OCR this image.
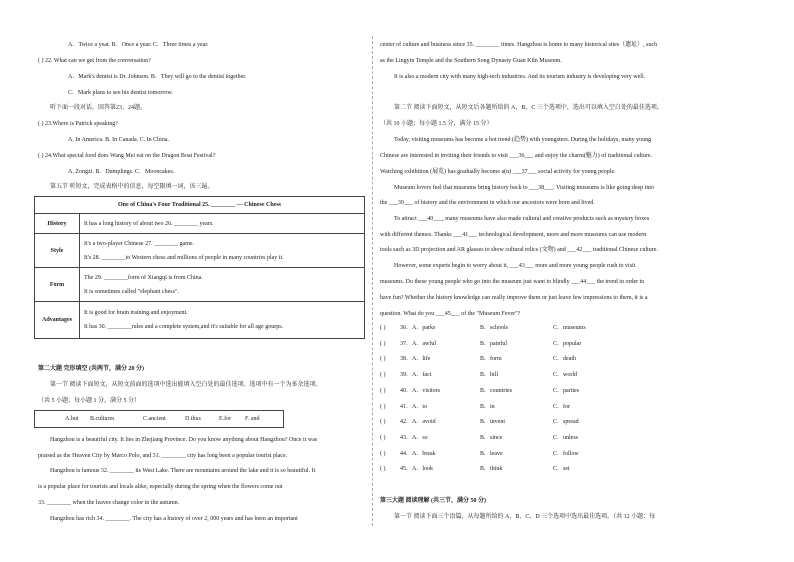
A．Twice a year. B．Once a year. C．Three times a year.
( ) 22. What can we get from the conversation?
A．Mark's dentist is Dr. Johnson. B．They will go to the dentist together.
C．Mark plans to see his dentist tomorrow.
听下面一段对话，回答第23、24题。
( ) 23.Where is Patrick speaking?
A. In America. B. In Canada. C. In China.
( ) 24.What special food does Wang Mei eat on the Dragon Boat Festival?
A. Zongzi. B．Dumplings. C．Mooncakes.
第五节 听短文，完成表格中的信息，每空限填一词，该三遍。
第二大题 完形填空 (共两节，满分 20 分)
第一节 阅读下面短文，从短文前面的选项中选出能填入空白处的最佳选项。选项中有一个为多余选项。
（共 5 小题；每小题 1 分，满分 5 分）
Hangzhou is a beautiful city. It lies in Zhejiang Province. Do you know anything about Hangzhou? Once it was
praised as the Heaven City by Marco Polo, and 31. ________ city has long been a popular tourist place.
Hangzhou is famous 32. ________ its West Lake. There are mountains around the lake and it is so beautiful. It
is a popular place for tourists and locals alike, especially during the spring when the flowers come out
33. ________ when the leaves change color in the autumn.
Hangzhou has rich 34. ________. The city has a history of over 2, 000 years and has been an important
center of culture and business since 35. ________ times. Hangzhou is home to many historical sites（遗址）, such
as the Lingyin Temple and the Southern Song Dynasty Guan Kiln Museum.
It is also a modern city with many high-tech industries. And its tourism industry is developing very well.
第二节 阅读下面短文，从短文后各题所给的 A、B、C 三个选项中，选出可以填入空白处的最佳选项。
（共 10 小题；每小题 1.5 分，满分 15 分）
Today, visiting museums has become a hot trend (趋势) with youngsters. During the holidays, many young
Chinese are interested in inviting their friends to visit ___36___ and enjoy the charm(魅力) of traditional culture.
Watching exhibition (展览) has gradually become a(n) ___37___ social activity for young people.
Museum lovers feel that museums bring history back to ___38___. Visiting museums is like going deep into
the ___39___ of history and the environment in which our ancestors were born and lived.
To attract ___40___, many museums have also made cultural and creative products such as mystery boxes
with different themes. Thanks ___41___ technological development, more and more museums can use modern
tools such as 3D projection and AR glasses to show cultural relics (文物) and ___42___ traditional Chinese culture.
However, some experts begin to worry about it, ___43___ more and more young people rush to visit
museums. Do these young people who go into the museum just want to blindly ___44___ the trend in order to
have fun? Whether the history knowledge can really improve them or just leave few impressions to them, it is a
question. What do you ___45___ of the "Museum Fever"?
( ) 36． A．parks	B．schools	C．museums
( ) 37． A．awful	B．painful	C．popular
( ) 38． A．life	B．form	C．death
( ) 39． A．fact	B．hill	C．world
( ) 40． A．visitors	B．countries	C．parties
( ) 41． A．to	B．in	C．for
( ) 42． A．avoid	B．invent	C．spread
( ) 43． A．so	B．since	C．unless
( ) 44． A．break	B．leave	C．follow
( ) 45． A．look	B．think	C．set
第三大题 阅读理解 (共三节，满分 50 分)
第一节 阅读下面三个语篇，从每题所给的 A、B、C、D 三个选项中选出最佳选项。（共 12 小题；每
One of China's Four Traditional 25. ________ — Chinese Chess	
History	It has a long history of about two 26. ________ years.

Style	It's a two-player Chinese 27. ________ game.
It's 28. ________to Western chess and millions of people in many countries play it.

Form	The 29. ________form of Xiangqi is from China.
It is sometimes called "elephant chess".

Advantages	It is good for brain training and enjoyment.
It has 30. ________rules and a complete system,and it's suitable for all age gourps.
A.but B.cultures	C.ancient	D.thus	E.for F. and
